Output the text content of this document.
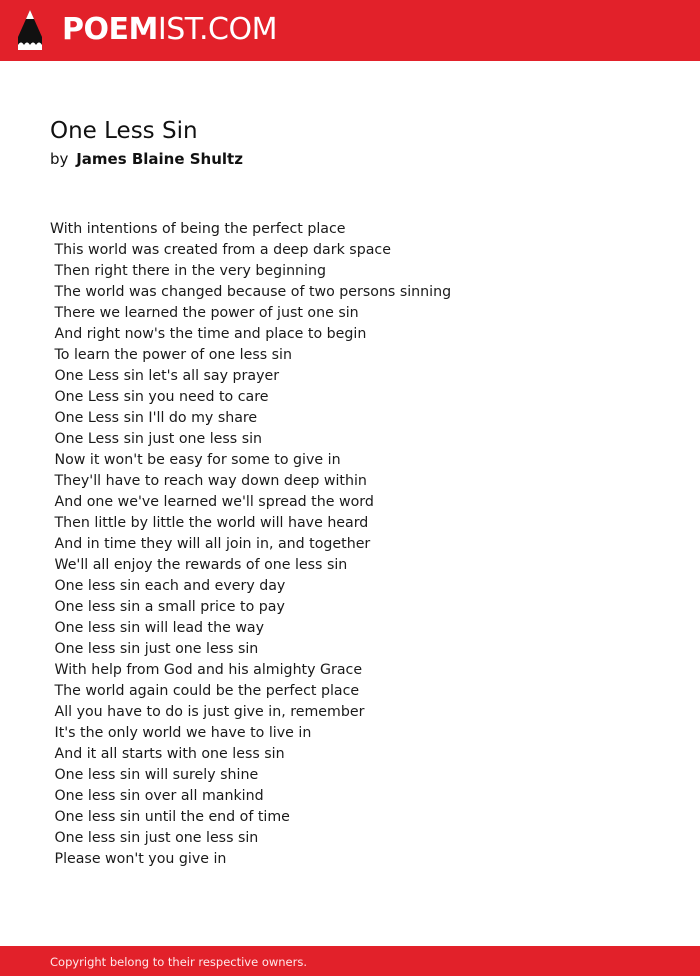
POEMIST.COM
One Less Sin
by James Blaine Shultz
With intentions of being the perfect place
This world was created from a deep dark space
Then right there in the very beginning
The world was changed because of two persons sinning
There we learned the power of just one sin
And right now's the time and place to begin
To learn the power of one less sin
One Less sin let's all say prayer
One Less sin you need to care
One Less sin I'll do my share
One Less sin just one less sin
Now it won't be easy for some to give in
They'll have to reach way down deep within
And one we've learned we'll spread the word
Then little by little the world will have heard
And in time they will all join in, and together
We'll all enjoy the rewards of one less sin
One less sin each and every day
One less sin a small price to pay
One less sin will lead the way
One less sin just one less sin
With help from God and his almighty Grace
The world again could be the perfect place
All you have to do is just give in, remember
It's the only world we have to live in
And it all starts with one less sin
One less sin will surely shine
One less sin over all mankind
One less sin until the end of time
One less sin just one less sin
Please won't you give in
Copyright belong to their respective owners.
